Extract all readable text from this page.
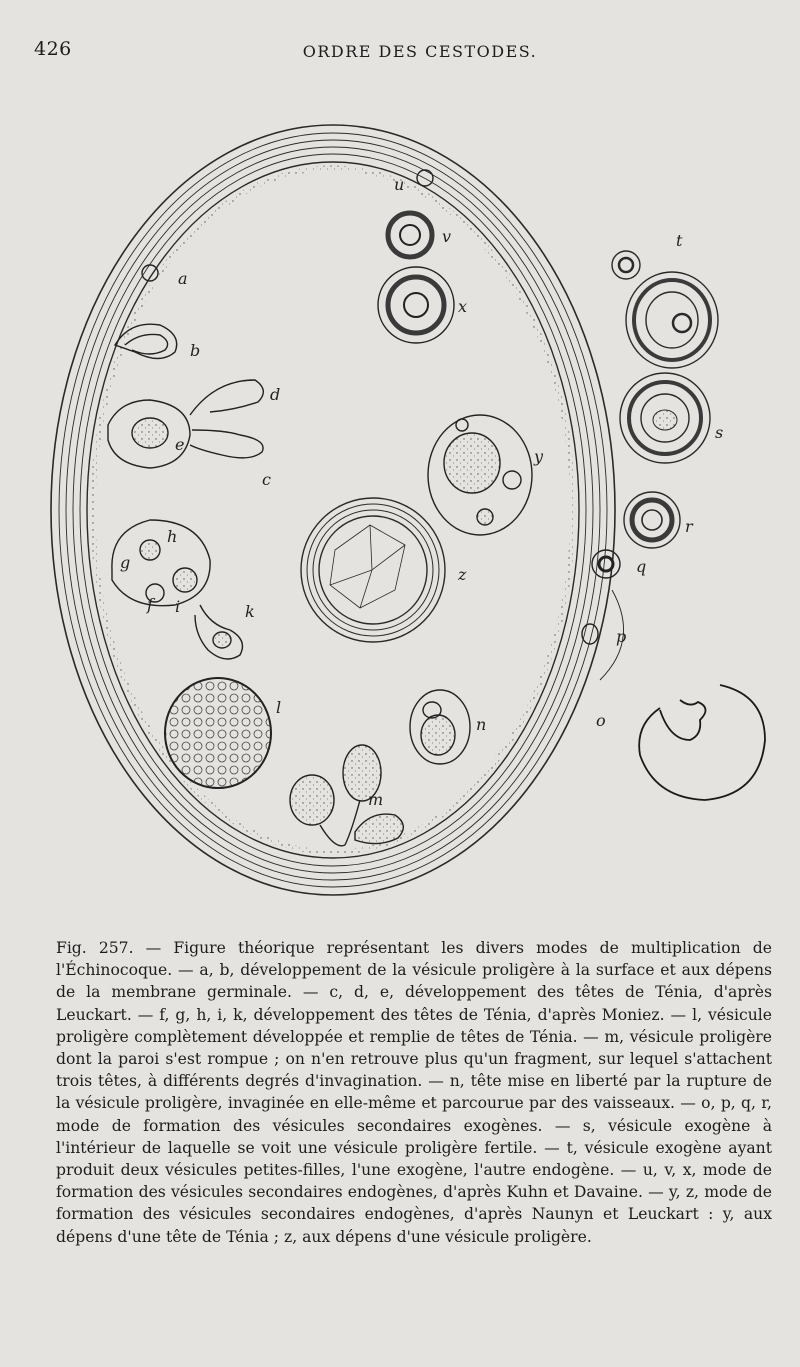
426	ORDRE DES CESTODES.
a
b
c
d
e
f
g
h
i	k
l
m
n	o
p
q
r
s
t
u
v
x
y
z

Fig. 257. — Figure théorique représentant les divers modes de multiplication de l'Échinocoque. — a, b, développement de la vésicule proligère à la surface et aux dépens de la membrane germinale. — c, d, e, développement des têtes de Ténia, d'après Leuckart. — f, g, h, i, k, développement des têtes de Ténia, d'après Moniez. — l, vésicule proligère complètement développée et remplie de têtes de Ténia. — m, vésicule proligère dont la paroi s'est rompue ; on n'en retrouve plus qu'un fragment, sur lequel s'attachent trois têtes, à différents degrés d'invagination. — n, tête mise en liberté par la rupture de la vésicule proligère, invaginée en elle-même et parcourue par des vaisseaux. — o, p, q, r, mode de formation des vésicules secondaires exogènes. — s, vésicule exogène à l'intérieur de laquelle se voit une vésicule proligère fertile. — t, vésicule exogène ayant produit deux vésicules petites-filles, l'une exogène, l'autre endogène. — u, v, x, mode de formation des vésicules secondaires endogènes, d'après Kuhn et Davaine. — y, z, mode de formation des vésicules secondaires endogènes, d'après Naunyn et Leuckart : y, aux dépens d'une tête de Ténia ; z, aux dépens d'une vésicule proligère.
